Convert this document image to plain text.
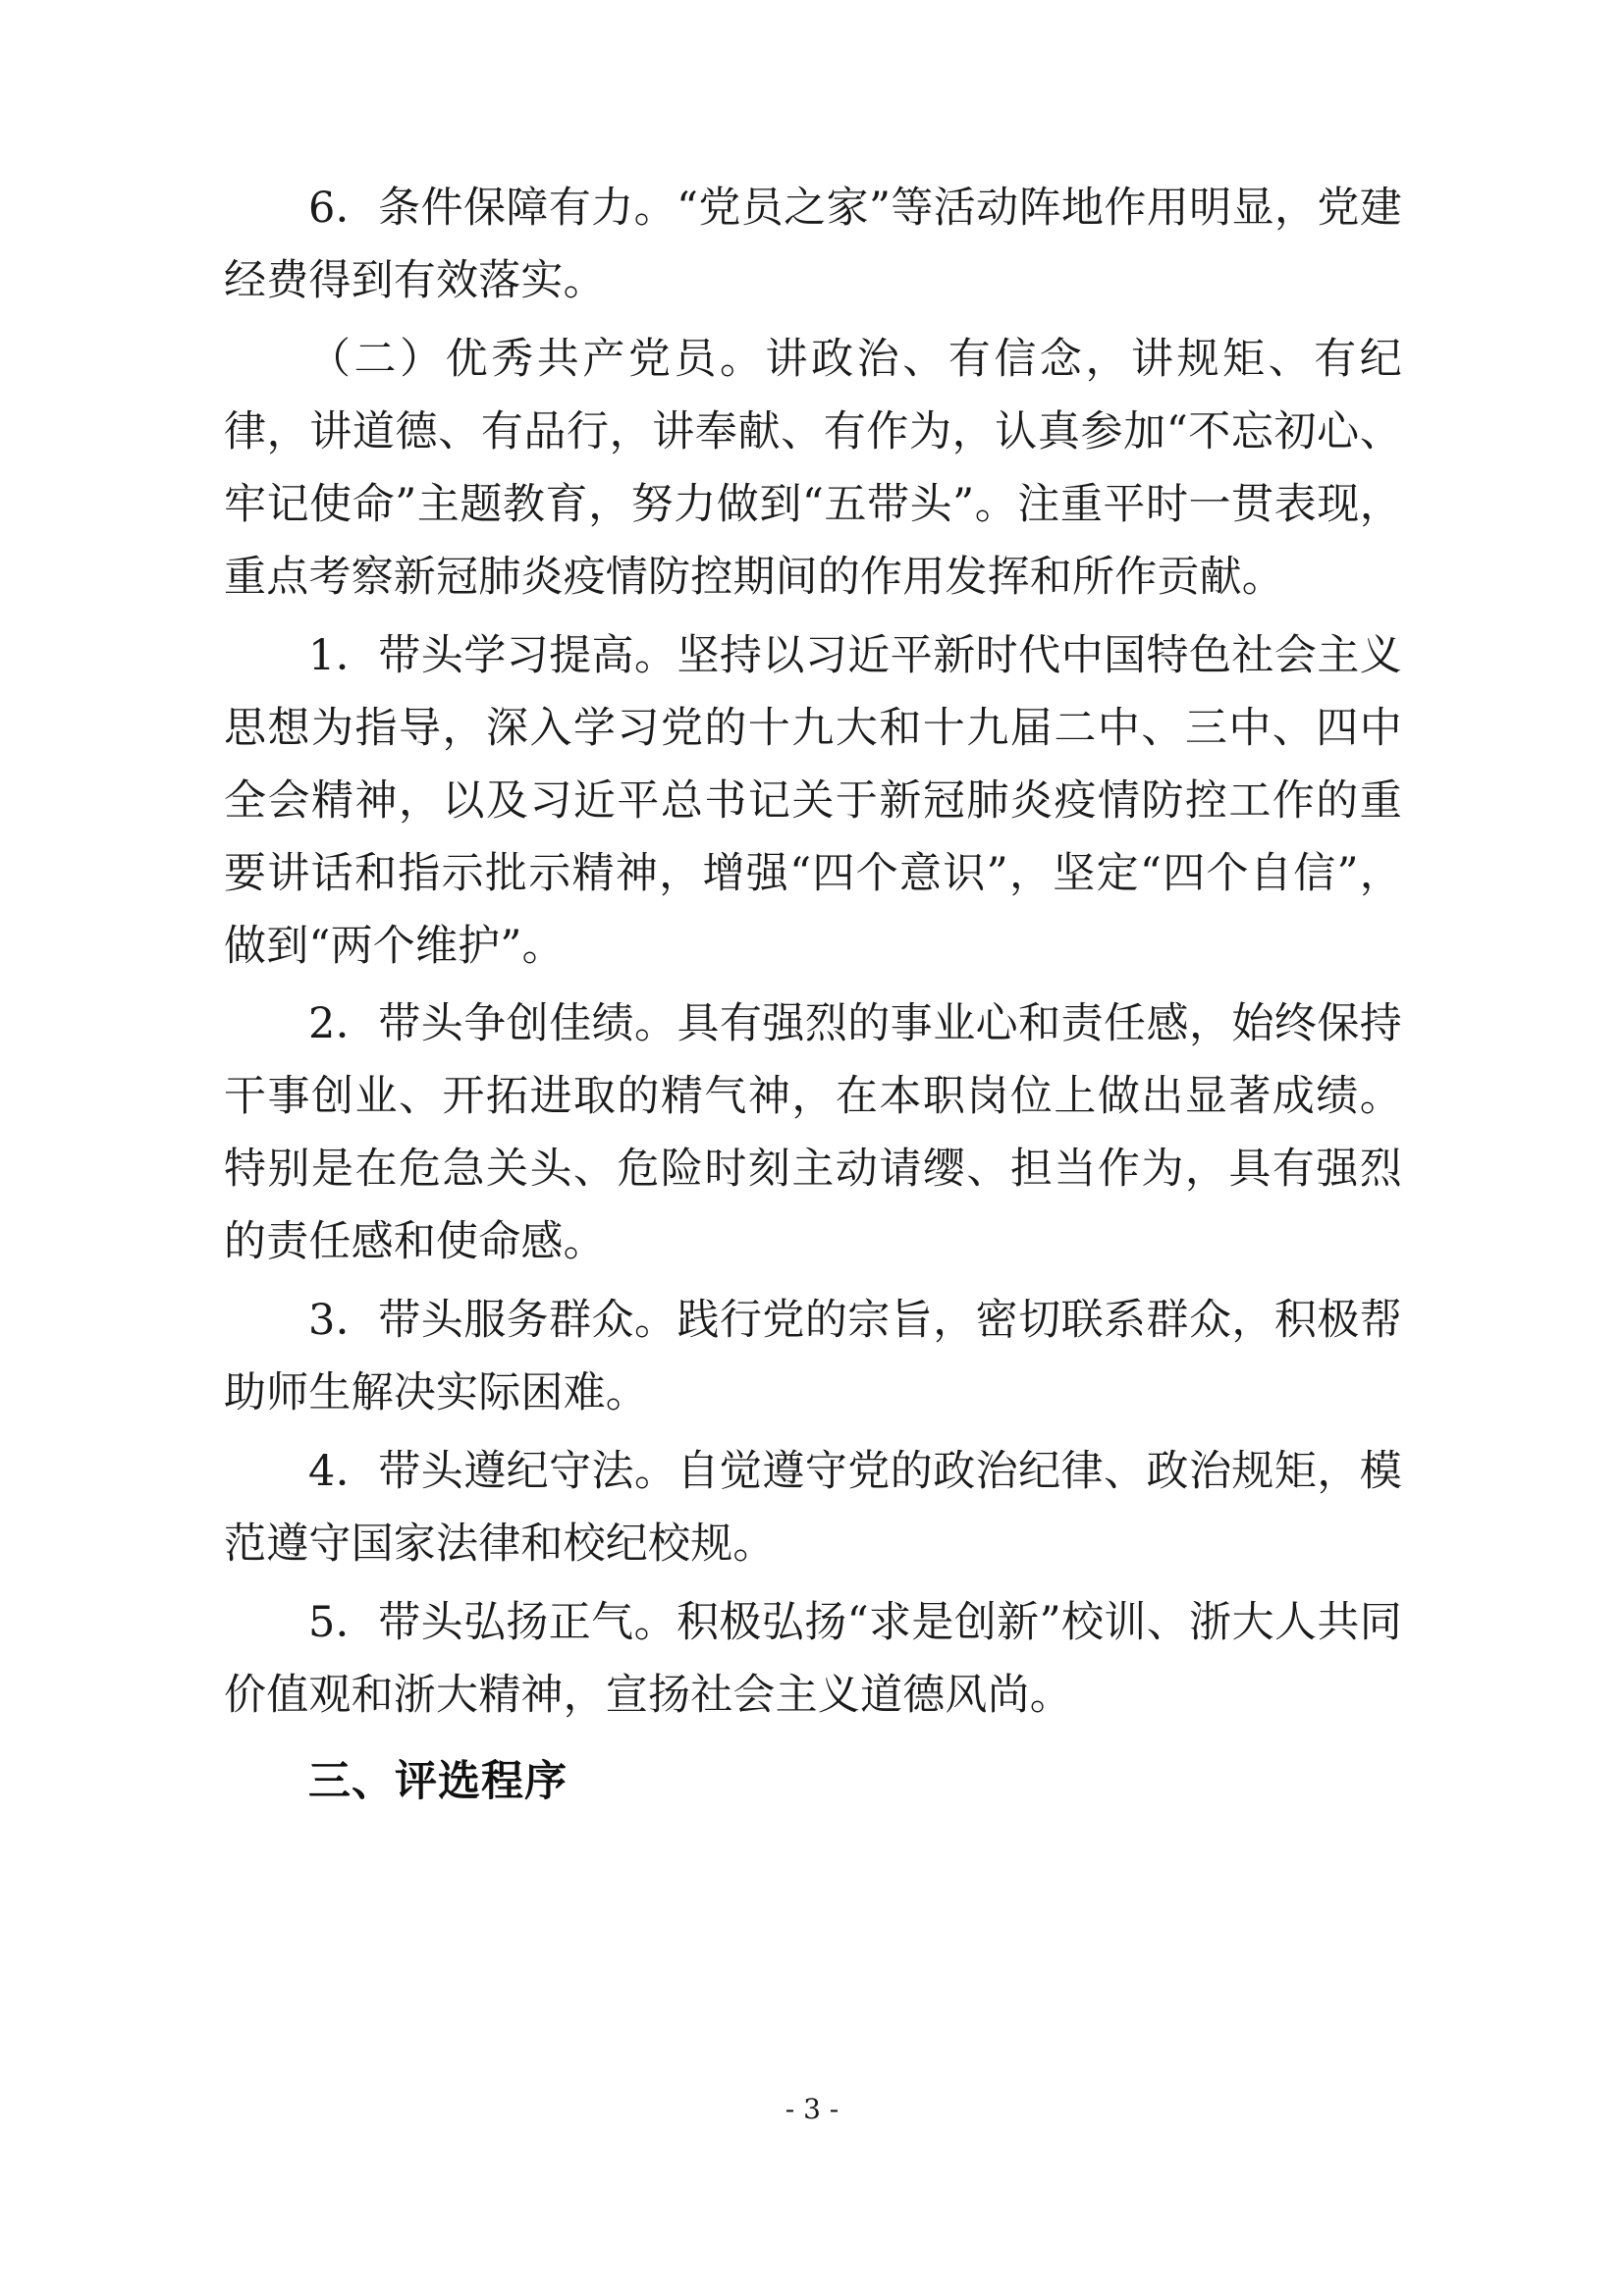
6．条件保障有力。“党员之家”等活动阵地作用明显，党建经费得到有效落实。

（二）优秀共产党员。讲政治、有信念，讲规矩、有纪律，讲道德、有品行，讲奉献、有作为，认真参加“不忘初心、牢记使命”主题教育，努力做到“五带头”。注重平时一贯表现，重点考察新冠肺炎疫情防控期间的作用发挥和所作贡献。

1．带头学习提高。坚持以习近平新时代中国特色社会主义思想为指导，深入学习党的十九大和十九届二中、三中、四中全会精神，以及习近平总书记关于新冠肺炎疫情防控工作的重要讲话和指示批示精神，增强“四个意识”，坚定“四个自信”，做到“两个维护”。

2．带头争创佳绩。具有强烈的事业心和责任感，始终保持干事创业、开拓进取的精气神，在本职岗位上做出显著成绩。特别是在危急关头、危险时刻主动请缨、担当作为，具有强烈的责任感和使命感。

3．带头服务群众。践行党的宗旨，密切联系群众，积极帮助师生解决实际困难。

4．带头遵纪守法。自觉遵守党的政治纪律、政治规矩，模范遵守国家法律和校纪校规。

5．带头弘扬正气。积极弘扬“求是创新”校训、浙大人共同价值观和浙大精神，宣扬社会主义道德风尚。

三、评选程序

- 3 -
